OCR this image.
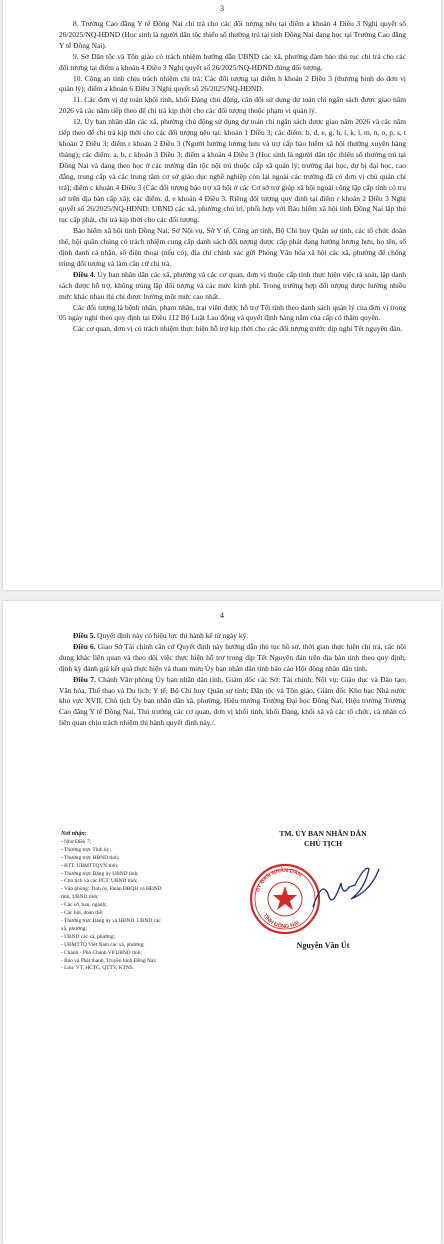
3

8. Trường Cao đẳng Y tế Đồng Nai chi trả cho các đối tượng nêu tại điểm a khoản 4 Điều 3 Nghị quyết số 26/2025/NQ-HĐND (Học sinh là người dân tộc thiểu số thường trú tại tỉnh Đồng Nai đang học tại Trường Cao đẳng Y tế Đồng Nai).

9. Sở Dân tộc và Tôn giáo có trách nhiệm hướng dẫn UBND các xã, phường đảm bảo thủ tục chi trả cho các đối tượng tại điểm a khoản 4 Điều 3 Nghị quyết số 26/2025/NQ-HĐND đúng đối tượng.

10. Công an tỉnh chịu trách nhiệm chi trả: Các đối tượng tại điểm h khoản 2 Điều 3 (thương binh do đơn vị quản lý); điểm a khoản 6 Điều 3 Nghị quyết số 26/2025/NQ-HĐND.

11. Các đơn vị dự toán khối tỉnh, khối Đảng chủ động, cân đối sử dụng dự toán chi ngân sách được giao năm 2026 và các năm tiếp theo để chi trả kịp thời cho các đối tượng thuộc phạm vi quản lý.

12. Ủy ban nhân dân các xã, phường chủ động sử dụng dự toán chi ngân sách được giao năm 2026 và các năm tiếp theo để chi trả kịp thời cho các đối tượng nêu tại: khoản 1 Điều 3; các điểm: b, đ, e, g, h, i, k, l, m, n, o, p, s, t khoản 2 Điều 3; điểm r khoản 2 Điều 3 (Người hưởng lương hưu và trợ cấp bảo hiểm xã hội thường xuyên hàng tháng); các điểm: a, b, c khoản 3 Điều 3; điểm a khoản 4 Điều 3 (Học sinh là người dân tộc thiểu số thường trú tại Đồng Nai và đang theo học ở các trường dân tộc nội trú thuộc cấp xã quản lý; trường đại học, dự bị đại học, cao đẳng, trung cấp và các trung tâm cơ sở giáo dục nghề nghiệp còn lại ngoài các trường đã có đơn vị chủ quản chi trả); điểm c khoản 4 Điều 3 (Các đối tượng bảo trợ xã hội ở các Cơ sở trợ giúp xã hội ngoài công lập cấp tỉnh có trụ sở trên địa bàn cấp xã); các điểm: đ, e khoản 4 Điều 3. Riêng đối tượng quy định tại điểm r khoản 2 Điều 3 Nghị quyết số 26/2025/NQ-HĐND: UBND các xã, phường chủ trì, phối hợp với Bảo hiểm xã hội tỉnh Đồng Nai lập thủ tục cấp phát, chi trả kịp thời cho các đối tượng.

Bảo hiểm xã hội tỉnh Đồng Nai, Sở Nội vụ, Sở Y tế, Công an tỉnh, Bộ Chỉ huy Quân sự tỉnh, các tổ chức đoàn thể, hội quần chúng có trách nhiệm cung cấp danh sách đối tượng được cấp phát đang hưởng lương hưu, họ tên, số định danh cá nhân, số điện thoại (nếu có), địa chỉ chính xác gửi Phòng Văn hóa xã hội các xã, phường để chống trùng đối tượng và làm căn cứ chi trả.

Điều 4. Ủy ban nhân dân các xã, phường và các cơ quan, đơn vị thuộc cấp tỉnh thực hiện việc rà soát, lập danh sách được hỗ trợ, không trùng lặp đối tượng và các mức kinh phí. Trong trường hợp đối tượng được hưởng nhiều mức khác nhau thì chỉ được hưởng một mức cao nhất.

Các đối tượng là bệnh nhân, phạm nhân, trại viên được hỗ trợ Tết tính theo danh sách quản lý của đơn vị trong 05 ngày nghỉ theo quy định tại Điều 112 Bộ Luật Lao động và quyết định hàng năm của cấp có thẩm quyền.

Các cơ quan, đơn vị có trách nhiệm thực hiện hỗ trợ kịp thời cho các đối tượng trước dịp nghỉ Tết nguyên đán.

4

Điều 5. Quyết định này có hiệu lực thi hành kể từ ngày ký.

Điều 6. Giao Sở Tài chính căn cứ Quyết định này hướng dẫn thủ tục hồ sơ, thời gian thực hiện chi trả, các nội dung khác liên quan và theo dõi việc thực hiện hỗ trợ trong dịp Tết Nguyên đán trên địa bàn tỉnh theo quy định; định kỳ đánh giá kết quả thực hiện và tham mưu Ủy ban nhân dân tỉnh báo cáo Hội đồng nhân dân tỉnh.

Điều 7. Chánh Văn phòng Ủy ban nhân dân tỉnh, Giám đốc các Sở: Tài chính; Nội vụ; Giáo dục và Đào tạo; Văn hóa, Thể thao và Du lịch; Y tế; Bộ Chỉ huy Quân sự tỉnh; Dân tộc và Tôn giáo, Giám đốc Kho bạc Nhà nước khu vực XVII, Chủ tịch Ủy ban nhân dân xã, phường, Hiệu trưởng Trường Đại học Đồng Nai, Hiệu trưởng Trường Cao đẳng Y tế Đồng Nai, Thủ trưởng các cơ quan, đơn vị khối tỉnh, khối Đảng, khối xã và các tổ chức, cá nhân có liên quan chịu trách nhiệm thi hành quyết định này./.

Nơi nhận:
- Như Điều 7;
- Thường trực Tỉnh ủy;
- Thường trực HĐND tỉnh;
- BTT. UBMTTQVN tỉnh;
- Thường trực Đảng ủy UBND tỉnh;
- Chủ tịch và các PCT. UBND tỉnh;
- Văn phòng: Tỉnh ủy, Đoàn ĐBQH và HĐND
tỉnh, UBND tỉnh;
- Các sở, ban, ngành;
- Các hội, đoàn thể;
- Thường trực Đảng ủy và HĐND, UBND các
xã, phường;
- UBND các xã, phường;
- UBMTTQ Việt Nam các xã, phường;
- Chánh - Phó Chánh VP.UBND tỉnh;
- Báo và Phát thanh, Truyền hình Đồng Nai;
- Lưu: VT, HCTC, QTTV, KTNS.
TM. ỦY BAN NHÂN DÂN
CHỦ TỊCH
ỦY BAN NHÂN DÂN
TỈNH ĐỒNG NAI
Nguyễn Văn Út
